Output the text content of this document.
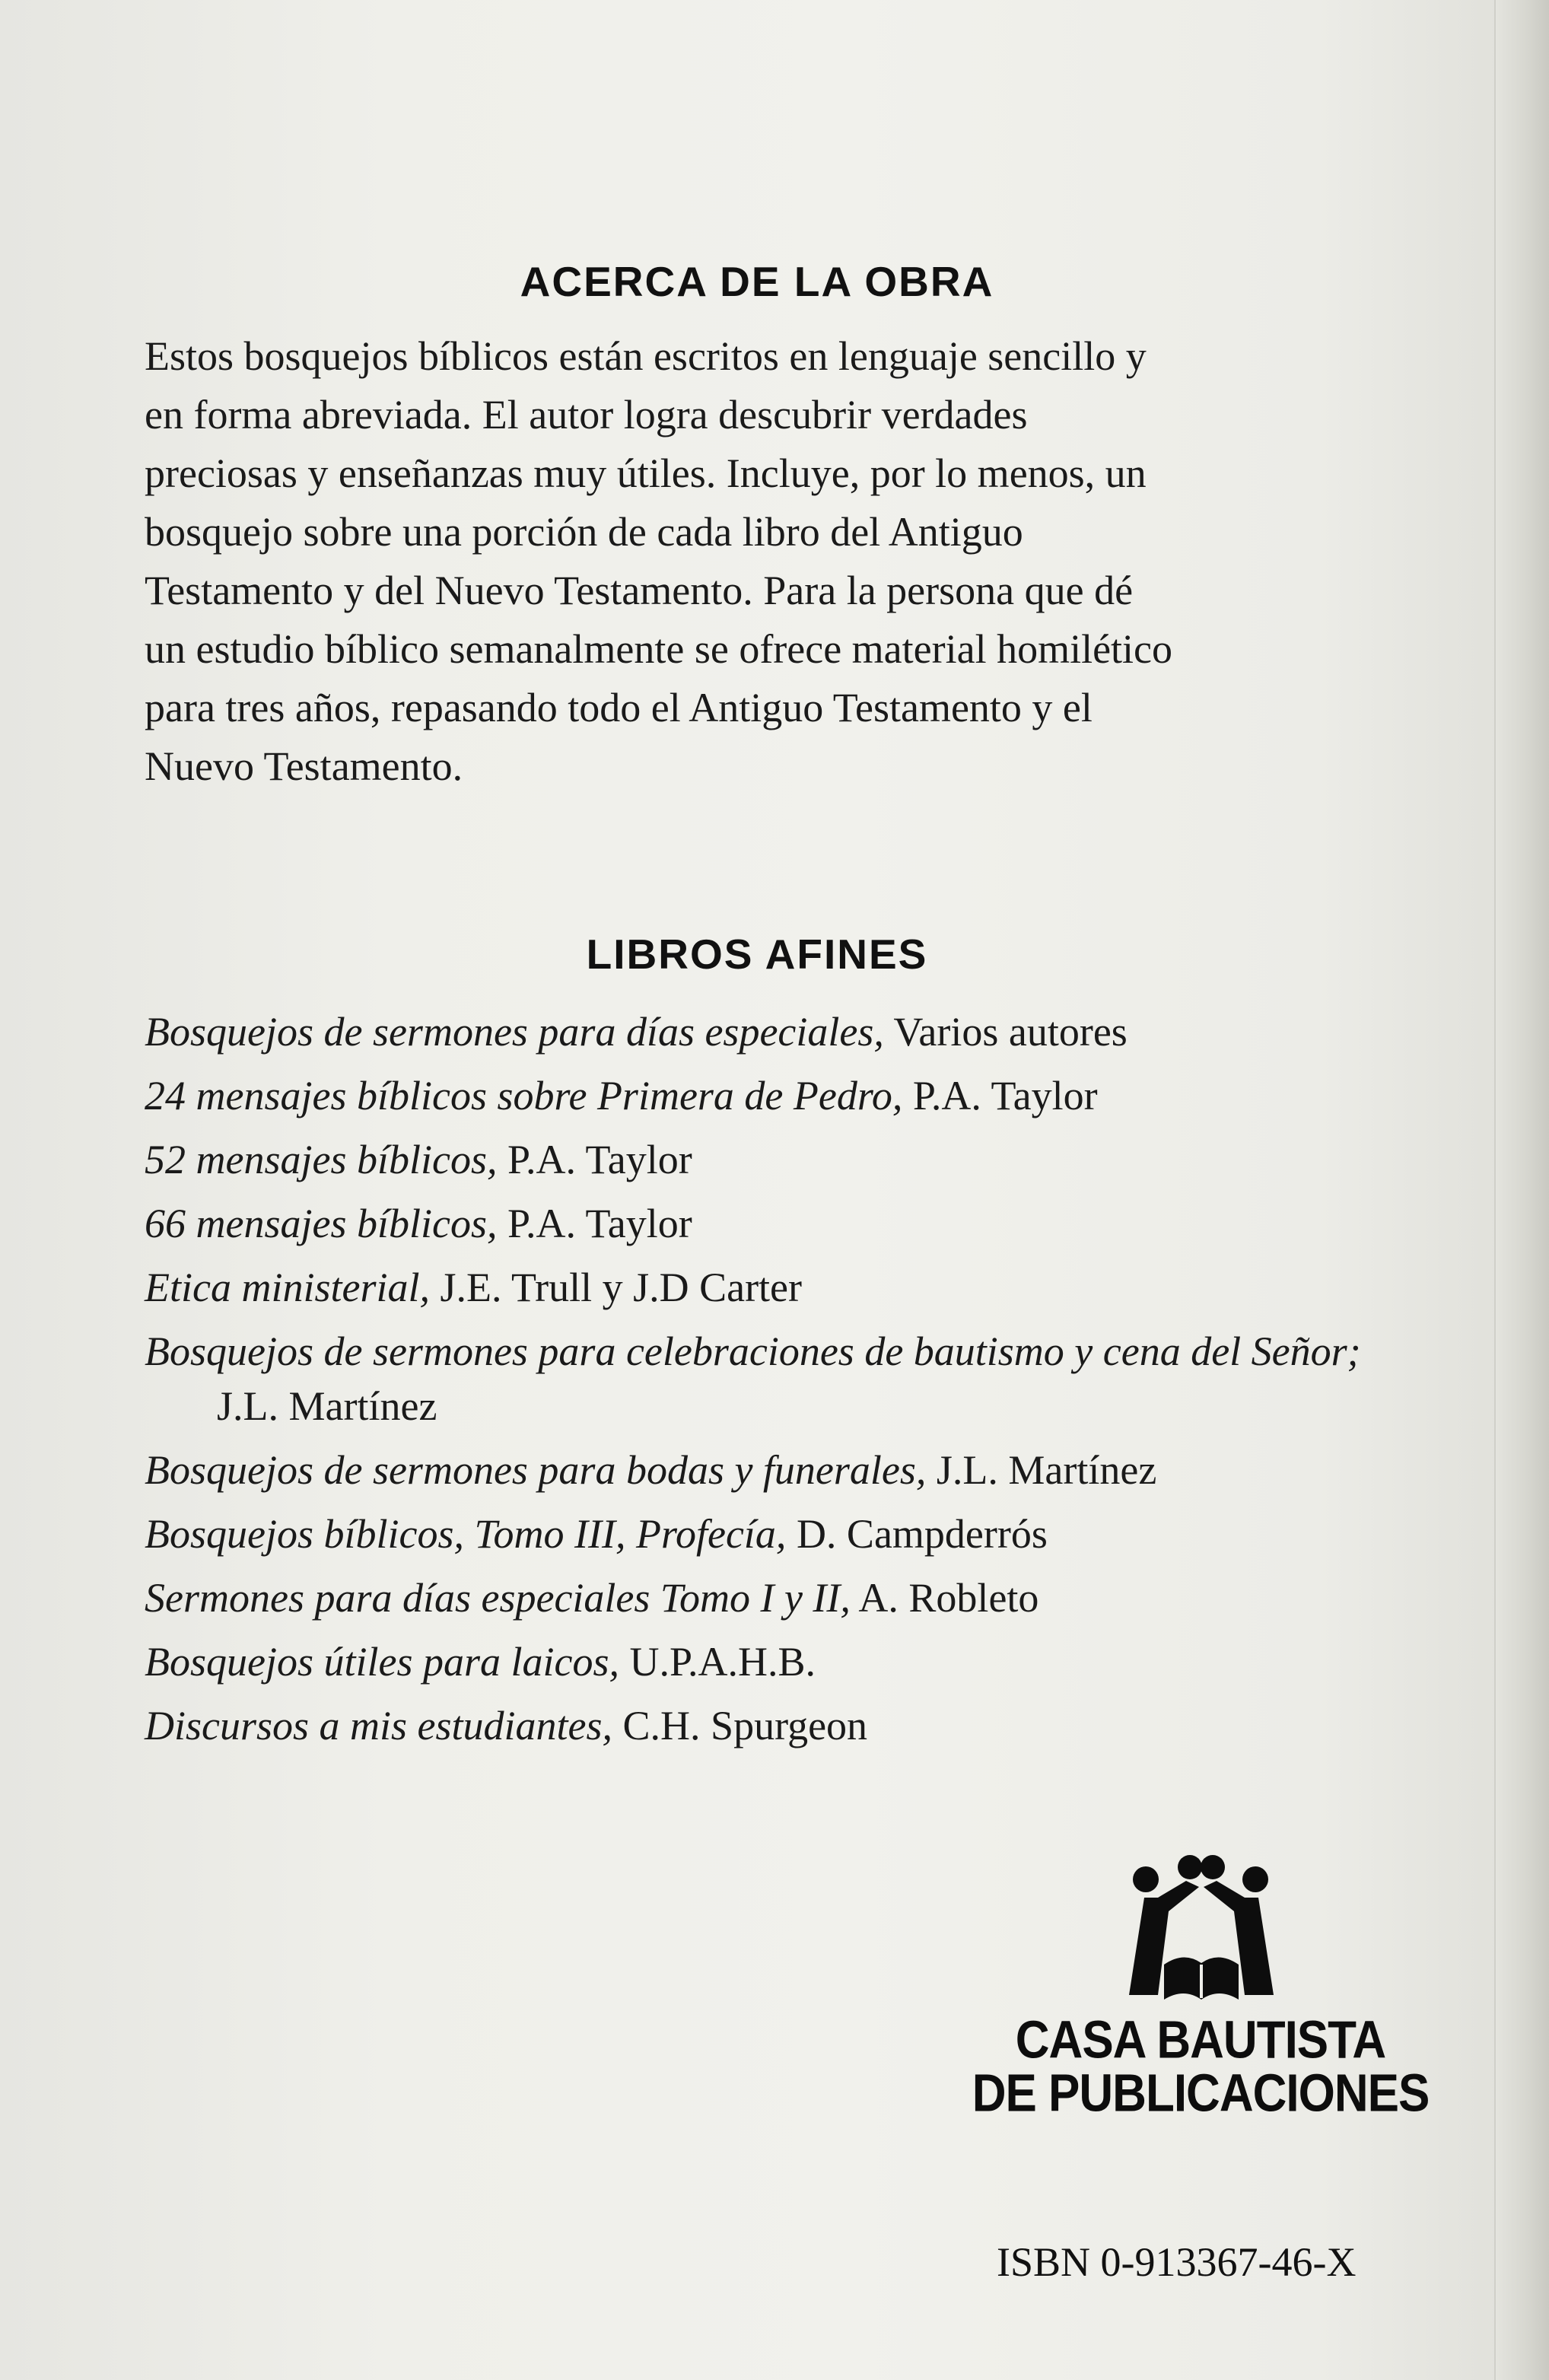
ACERCA DE LA OBRA

Estos bosquejos bíblicos están escritos en lenguaje sencillo y
en forma abreviada. El autor logra descubrir verdades
preciosas y enseñanzas muy útiles. Incluye, por lo menos, un
bosquejo sobre una porción de cada libro del Antiguo
Testamento y del Nuevo Testamento. Para la persona que dé
un estudio bíblico semanalmente se ofrece material homilético
para tres años, repasando todo el Antiguo Testamento y el
Nuevo Testamento.

LIBROS AFINES
Bosquejos de sermones para días especiales, Varios autores
24 mensajes bíblicos sobre Primera de Pedro, P.A. Taylor
52 mensajes bíblicos, P.A. Taylor
66 mensajes bíblicos, P.A. Taylor
Etica ministerial, J.E. Trull y J.D Carter
Bosquejos de sermones para celebraciones de bautismo y cena del Señor; J.L. Martínez
Bosquejos de sermones para bodas y funerales, J.L. Martínez
Bosquejos bíblicos, Tomo III, Profecía, D. Campderrós
Sermones para días especiales Tomo I y II, A. Robleto
Bosquejos útiles para laicos, U.P.A.H.B.
Discursos a mis estudiantes, C.H. Spurgeon
CASA BAUTISTA
DE PUBLICACIONES
ISBN 0-913367-46-X
